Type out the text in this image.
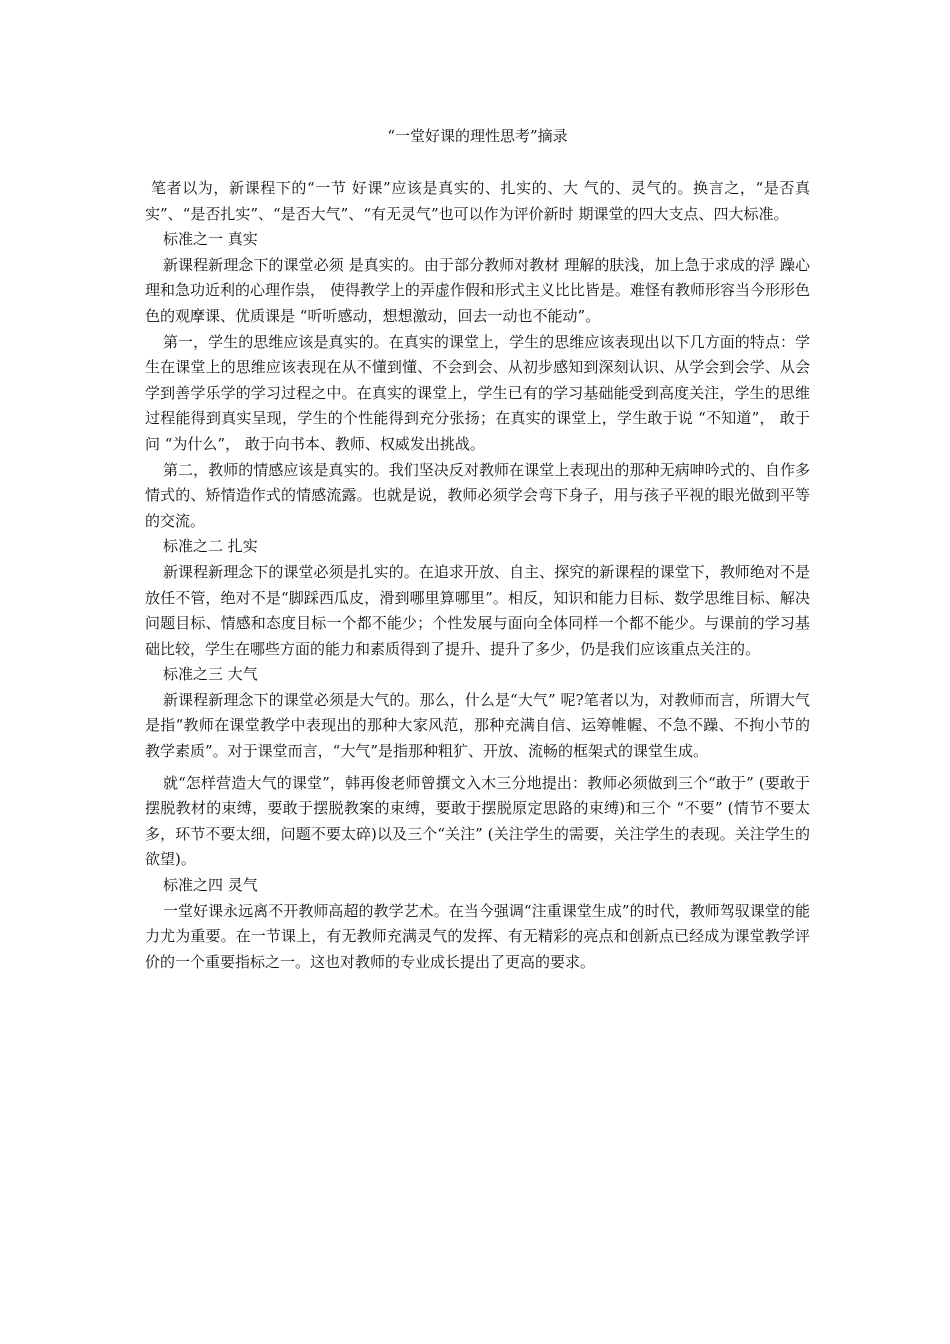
“一堂好课的理性思考”摘录

笔者以为，新课程下的“一节 好课”应该是真实的、扎实的、大 气的、灵气的。换言之，“是否真 实”、“是否扎实”、“是否大气”、“有无灵气”也可以作为评价新时 期课堂的四大支点、四大标准。

标准之一 真实

新课程新理念下的课堂必须 是真实的。由于部分教师对教材 理解的肤浅，加上急于求成的浮 躁心理和急功近利的心理作祟， 使得教学上的弄虚作假和形式主义比比皆是。难怪有教师形容当今形形色色的观摩课、优质课是 “听听感动，想想激动，回去一动也不能动”。

第一，学生的思维应该是真实的。在真实的课堂上，学生的思维应该表现出以下几方面的特点：学生在课堂上的思维应该表现在从不懂到懂、不会到会、从初步感知到深刻认识、从学会到会学、从会学到善学乐学的学习过程之中。在真实的课堂上，学生已有的学习基础能受到高度关注，学生的思维过程能得到真实呈现，学生的个性能得到充分张扬；在真实的课堂上，学生敢于说 “不知道”， 敢于问 “为什么”， 敢于向书本、教师、权威发出挑战。

第二，教师的情感应该是真实的。我们坚决反对教师在课堂上表现出的那种无病呻吟式的、自作多情式的、矫情造作式的情感流露。也就是说，教师必须学会弯下身子，用与孩子平视的眼光做到平等的交流。

标准之二 扎实

新课程新理念下的课堂必须是扎实的。在追求开放、自主、探究的新课程的课堂下，教师绝对不是放任不管，绝对不是“脚踩西瓜皮，滑到哪里算哪里”。相反，知识和能力目标、数学思维目标、解决问题目标、情感和态度目标一个都不能少；个性发展与面向全体同样一个都不能少。与课前的学习基础比较，学生在哪些方面的能力和素质得到了提升、提升了多少，仍是我们应该重点关注的。

标准之三 大气

新课程新理念下的课堂必须是大气的。那么，什么是“大气” 呢?笔者以为，对教师而言，所谓大气是指“教师在课堂教学中表现出的那种大家风范，那种充满自信、运筹帷幄、不急不躁、不拘小节的教学素质”。对于课堂而言，“大气”是指那种粗犷、开放、流畅的框架式的课堂生成。

就“怎样营造大气的课堂”，韩再俊老师曾撰文入木三分地提出：教师必须做到三个“敢于” (要敢于摆脱教材的束缚，要敢于摆脱教案的束缚，要敢于摆脱原定思路的束缚)和三个 “不要” (情节不要太多，环节不要太细，问题不要太碎)以及三个“关注” (关注学生的需要，关注学生的表现。关注学生的欲望)。

标准之四 灵气

一堂好课永远离不开教师高超的教学艺术。在当今强调“注重课堂生成”的时代，教师驾驭课堂的能力尤为重要。在一节课上，有无教师充满灵气的发挥、有无精彩的亮点和创新点已经成为课堂教学评价的一个重要指标之一。这也对教师的专业成长提出了更高的要求。
